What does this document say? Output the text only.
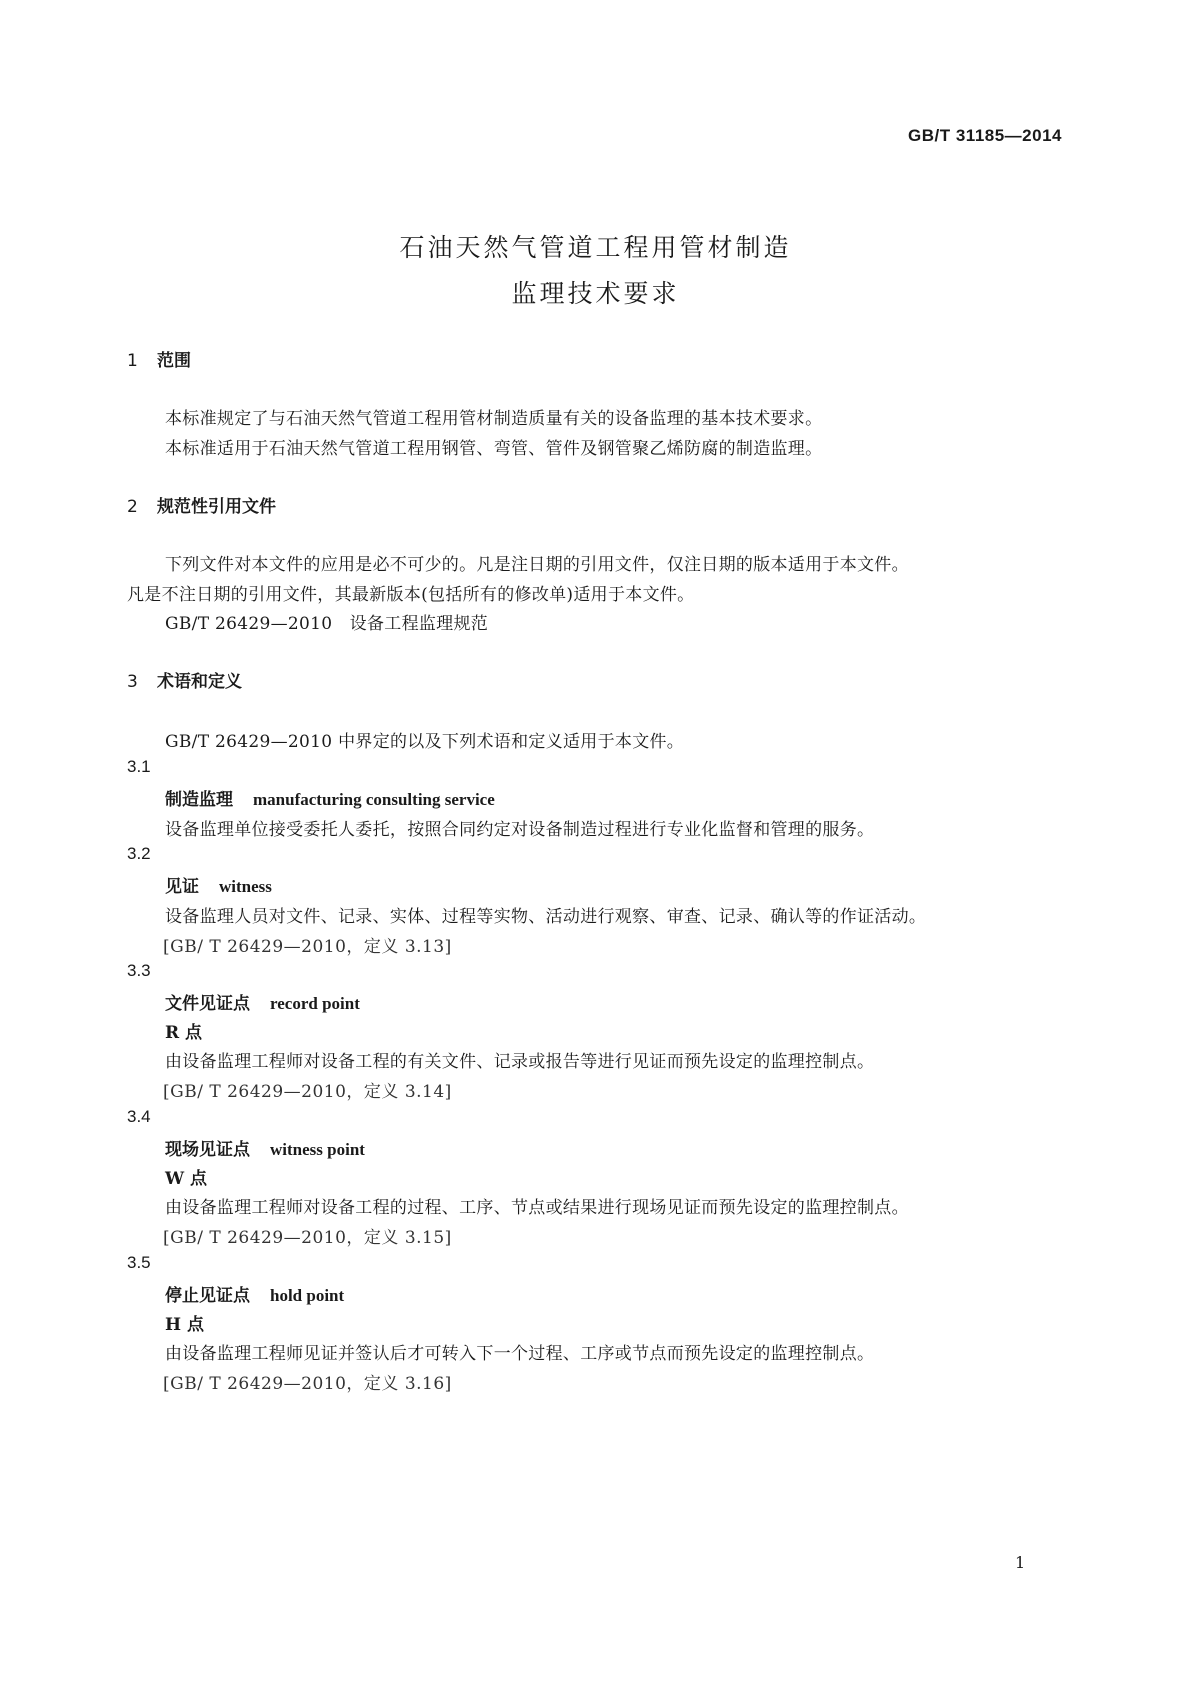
GB/T 31185—2014
石油天然气管道工程用管材制造
监理技术要求
1 范围
本标准规定了与石油天然气管道工程用管材制造质量有关的设备监理的基本技术要求。
本标准适用于石油天然气管道工程用钢管、弯管、管件及钢管聚乙烯防腐的制造监理。
2 规范性引用文件
下列文件对本文件的应用是必不可少的。凡是注日期的引用文件，仅注日期的版本适用于本文件。
凡是不注日期的引用文件，其最新版本(包括所有的修改单)适用于本文件。
GB/T 26429—2010　设备工程监理规范
3 术语和定义
GB/T 26429—2010 中界定的以及下列术语和定义适用于本文件。
3.1
制造监理 manufacturing consulting service
设备监理单位接受委托人委托，按照合同约定对设备制造过程进行专业化监督和管理的服务。
3.2
见证 witness
设备监理人员对文件、记录、实体、过程等实物、活动进行观察、审查、记录、确认等的作证活动。
[GB/ T 26429—2010，定义 3.13]
3.3
文件见证点 record point
R 点
由设备监理工程师对设备工程的有关文件、记录或报告等进行见证而预先设定的监理控制点。
[GB/ T 26429—2010，定义 3.14]
3.4
现场见证点 witness point
W 点
由设备监理工程师对设备工程的过程、工序、节点或结果进行现场见证而预先设定的监理控制点。
[GB/ T 26429—2010，定义 3.15]
3.5
停止见证点 hold point
H 点
由设备监理工程师见证并签认后才可转入下一个过程、工序或节点而预先设定的监理控制点。
[GB/ T 26429—2010，定义 3.16]
1
